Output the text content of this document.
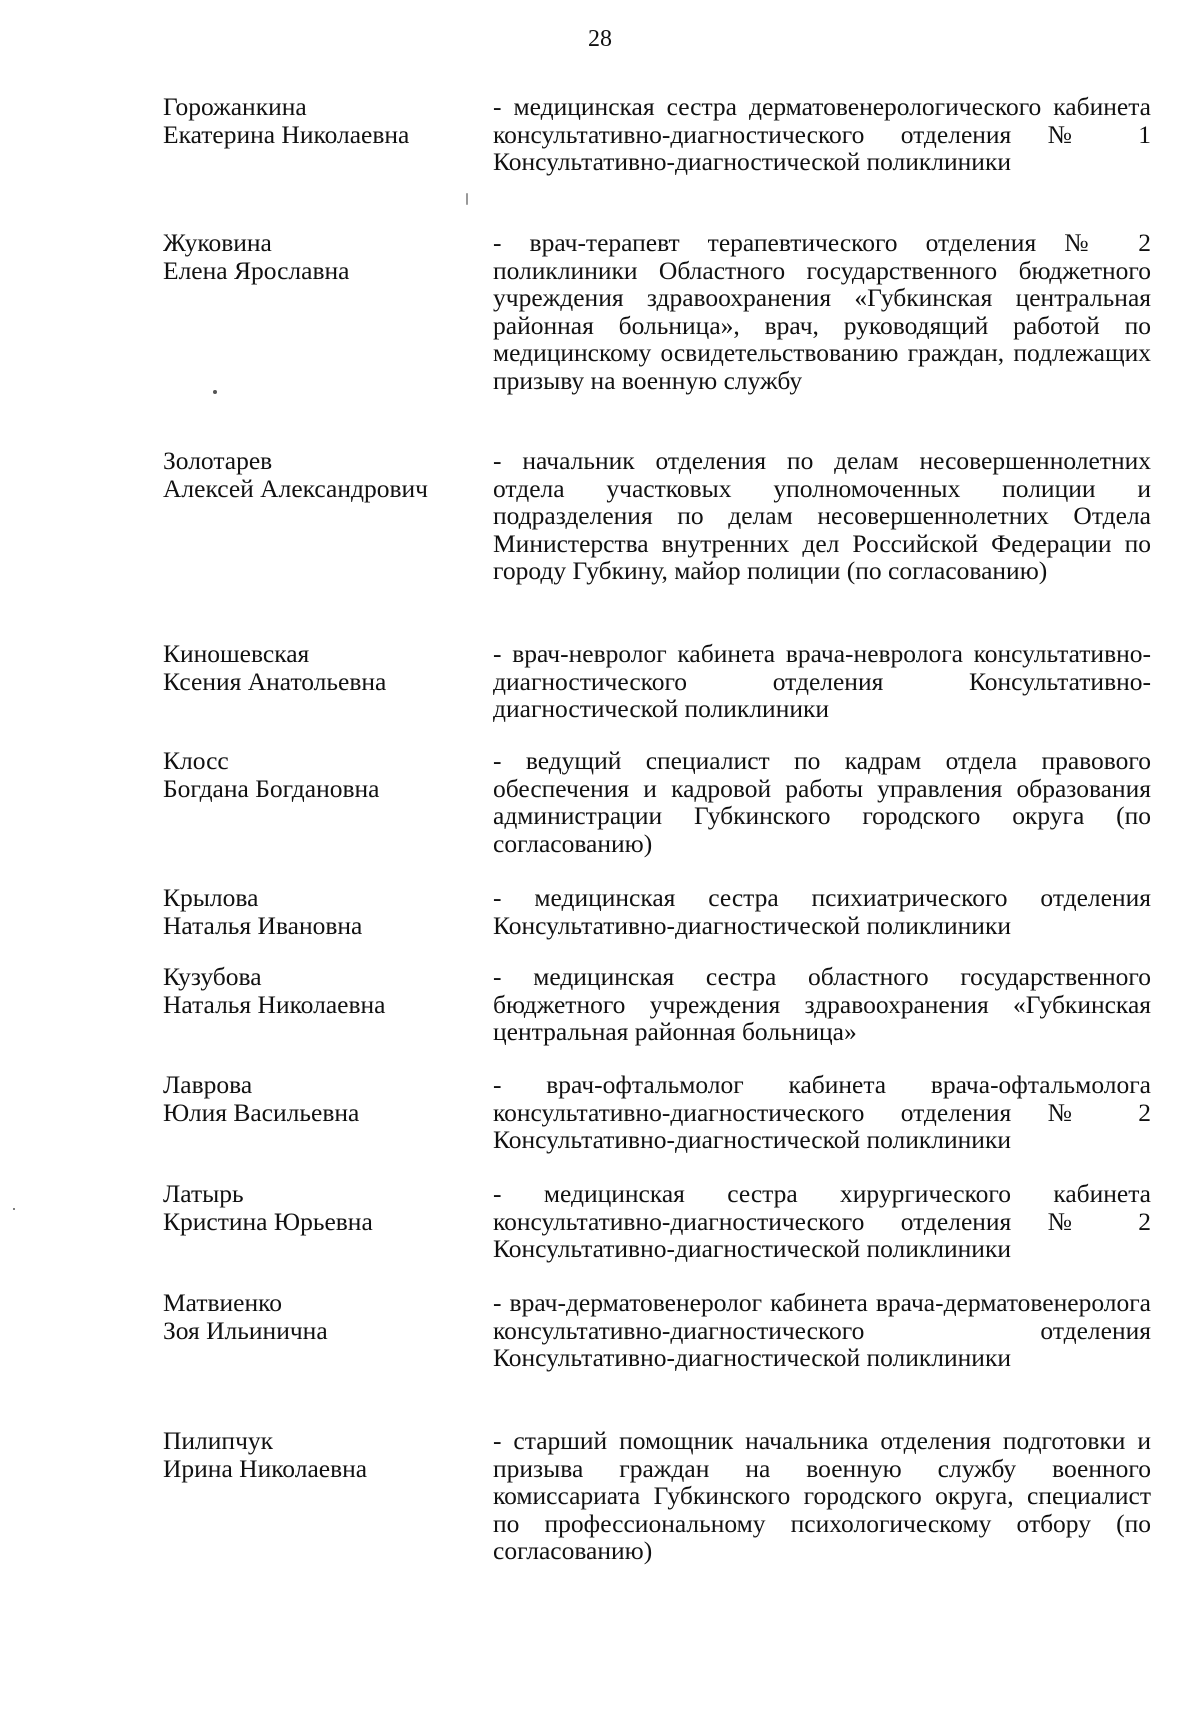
28
Горожанкина
Екатерина Николаевна
- медицинская сестра дерматовенерологического кабинета консультативно-диагностического отделения № 1 Консультативно-диагностической поликлиники
Жуковина
Елена Ярославна
- врач-терапевт терапевтического отделения № 2 поликлиники Областного государственного бюджетного учреждения здравоохранения «Губкинская центральная районная больница», врач, руководящий работой по медицинскому освидетельствованию граждан, подлежащих призыву на военную службу
Золотарев
Алексей Александрович
- начальник отделения по делам несовершеннолетних отдела участковых уполномоченных полиции и подразделения по делам несовершеннолетних Отдела Министерства внутренних дел Российской Федерации по городу Губкину, майор полиции (по согласованию)
Киношевская
Ксения Анатольевна
- врач-невролог кабинета врача-невролога консультативно-диагностического отделения Консультативно-диагностической поликлиники
Клосс
Богдана Богдановна
- ведущий специалист по кадрам отдела правового обеспечения и кадровой работы управления образования администрации Губкинского городского округа (по согласованию)
Крылова
Наталья Ивановна
- медицинская сестра психиатрического отделения Консультативно-диагностической поликлиники
Кузубова
Наталья Николаевна
- медицинская сестра областного государственного бюджетного учреждения здравоохранения «Губкинская центральная районная больница»
Лаврова
Юлия Васильевна
- врач-офтальмолог кабинета врача-офтальмолога консультативно-диагностического отделения № 2 Консультативно-диагностической поликлиники
Латырь
Кристина Юрьевна
- медицинская сестра хирургического кабинета консультативно-диагностического отделения № 2 Консультативно-диагностической поликлиники
Матвиенко
Зоя Ильинична
- врач-дерматовенеролог кабинета врача-дерматовенеролога консультативно-диагностического отделения Консультативно-диагностической поликлиники
Пилипчук
Ирина Николаевна
- старший помощник начальника отделения подготовки и призыва граждан на военную службу военного комиссариата Губкинского городского округа, специалист по профессиональному психологическому отбору (по согласованию)
